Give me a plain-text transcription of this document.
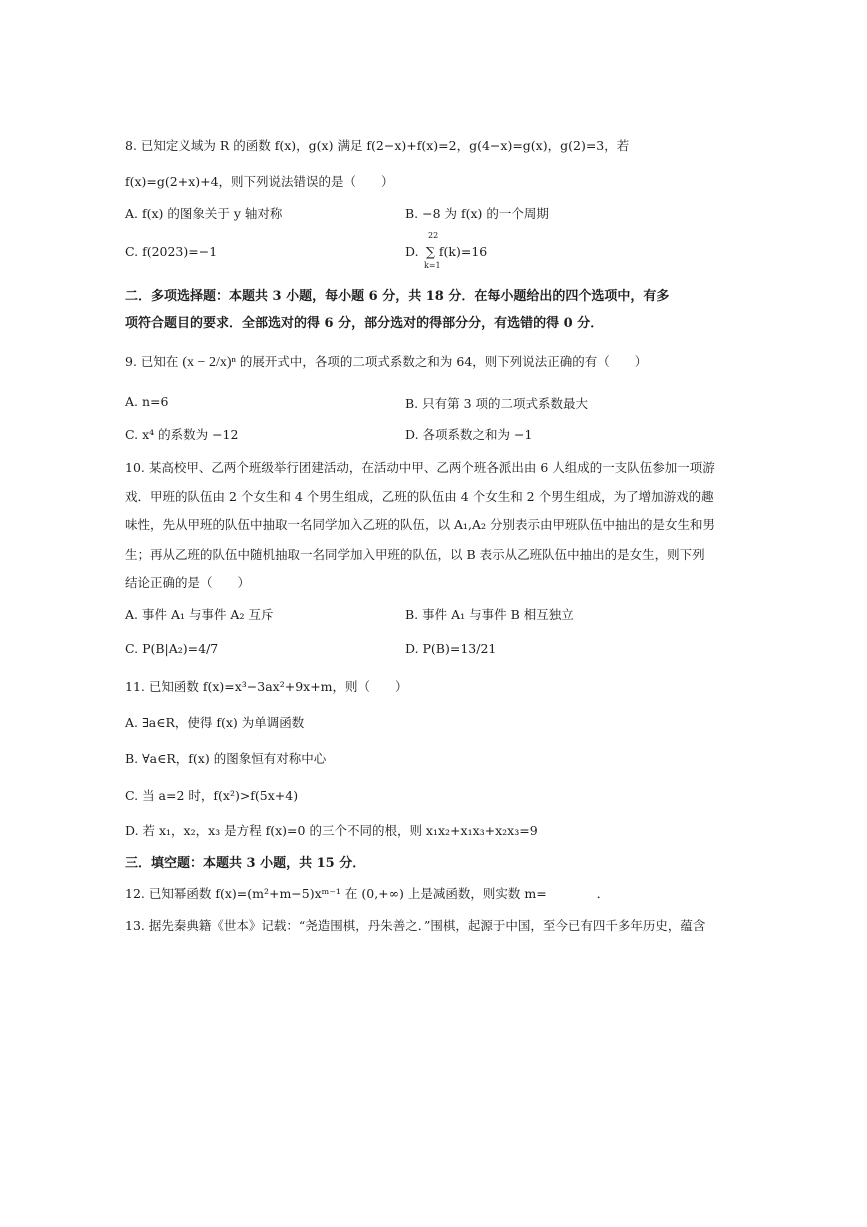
8. 已知定义域为 R 的函数 f(x)，g(x) 满足 f(2−x)+f(x)=2，g(4−x)=g(x)，g(2)=3，若
f(x)=g(2+x)+4，则下列说法错误的是（　　）
A. f(x) 的图象关于 y 轴对称	B. −8 为 f(x) 的一个周期
C. f(2023)=−1	D.
22
∑ f(k)=16
k=1
二．多项选择题：本题共 3 小题，每小题 6 分，共 18 分．在每小题给出的四个选项中，有多
项符合题目的要求．全部选对的得 6 分，部分选对的得部分分，有选错的得 0 分．
9. 已知在 (x − 2/x)ⁿ 的展开式中，各项的二项式系数之和为 64，则下列说法正确的有（　　）
A. n=6	B. 只有第 3 项的二项式系数最大
C. x⁴ 的系数为 −12	D. 各项系数之和为 −1
10. 某高校甲、乙两个班级举行团建活动，在活动中甲、乙两个班各派出由 6 人组成的一支队伍参加一项游
戏．甲班的队伍由 2 个女生和 4 个男生组成，乙班的队伍由 4 个女生和 2 个男生组成，为了增加游戏的趣
味性，先从甲班的队伍中抽取一名同学加入乙班的队伍，以 A₁,A₂ 分别表示由甲班队伍中抽出的是女生和男
生；再从乙班的队伍中随机抽取一名同学加入甲班的队伍，以 B 表示从乙班队伍中抽出的是女生，则下列
结论正确的是（　　）
A. 事件 A₁ 与事件 A₂ 互斥	B. 事件 A₁ 与事件 B 相互独立
C. P(B|A₂)=4/7	D. P(B)=13/21
11. 已知函数 f(x)=x³−3ax²+9x+m，则（　　）
A. ∃a∈R，使得 f(x) 为单调函数
B. ∀a∈R，f(x) 的图象恒有对称中心
C. 当 a=2 时，f(x²)>f(5x+4)
D. 若 x₁，x₂，x₃ 是方程 f(x)=0 的三个不同的根，则 x₁x₂+x₁x₃+x₂x₃=9
三．填空题：本题共 3 小题，共 15 分．
12. 已知幂函数 f(x)=(m²+m−5)xᵐ⁻¹ 在 (0,+∞) 上是减函数，则实数 m=　　　　．
13. 据先秦典籍《世本》记载：“尧造围棋，丹朱善之．”围棋，起源于中国，至今已有四千多年历史，蕴含
